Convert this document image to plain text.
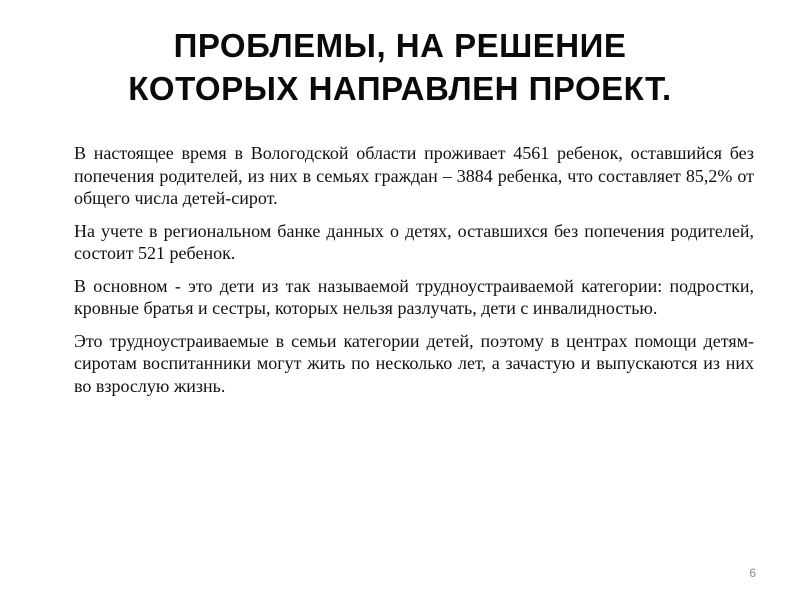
ПРОБЛЕМЫ, НА РЕШЕНИЕ
КОТОРЫХ НАПРАВЛЕН ПРОЕКТ.

В настоящее время в Вологодской области проживает 4561 ребенок, оставшийся без попечения родителей, из них в семьях граждан – 3884 ребенка, что составляет 85,2% от общего числа детей-сирот.

На учете в региональном банке данных о детях, оставшихся без попечения родителей, состоит 521 ребенок.

В основном - это дети из так называемой трудноустраиваемой категории: подростки, кровные братья и сестры, которых нельзя разлучать, дети с инвалидностью.

Это трудноустраиваемые в семьи категории детей, поэтому в центрах помощи детям-сиротам воспитанники могут жить по несколько лет, а зачастую и выпускаются из них во взрослую жизнь.

6
